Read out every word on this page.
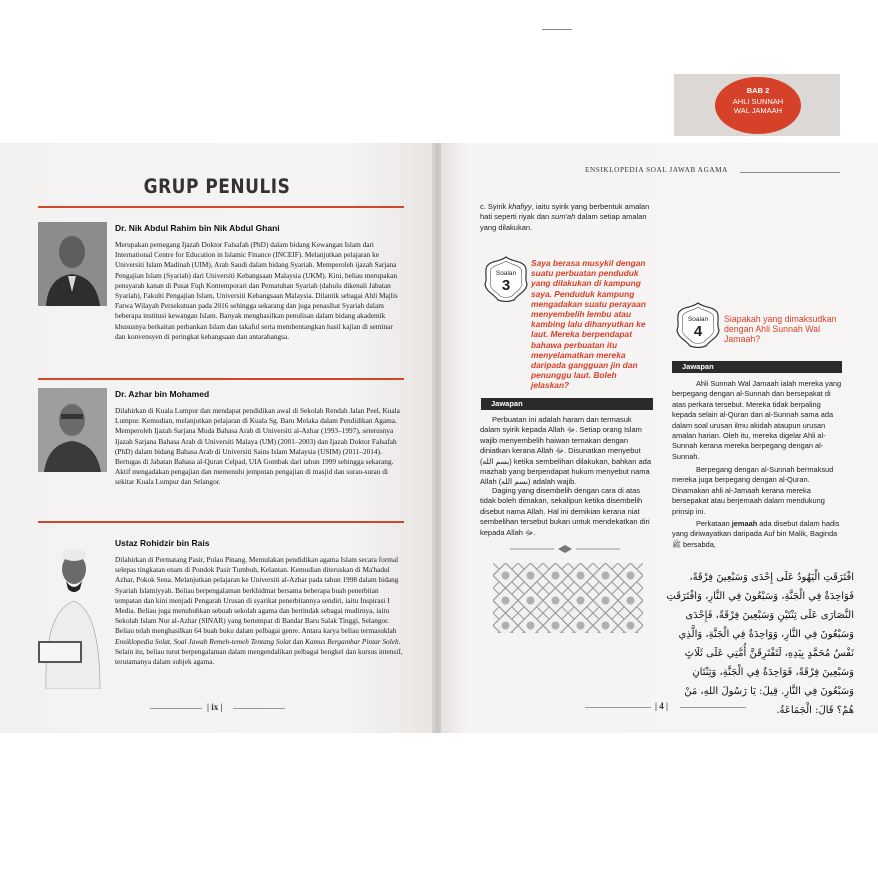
GRUP PENULIS
Dr. Nik Abdul Rahim bin Nik Abdul Ghani
Merupakan pemegang Ijazah Doktor Falsafah (PhD) dalam bidang Kewangan Islam dari International Centre for Education in Islamic Finance (INCEIF). Melanjutkan pelajaran ke Universiti Islam Madinah (UIM), Arab Saudi dalam bidang Syariah. Memperoleh ijazah Sarjana Pengajian Islam (Syariah) dari Universiti Kebangsaan Malaysia (UKM). Kini, beliau merupakan pensyarah kanan di Pusat Fiqh Kontemporari dan Pematuhan Syariah (dahulu dikenali Jabatan Syariah), Fakulti Pengajian Islam, Universiti Kebangsaan Malaysia. Dilantik sebagai Ahli Majlis Fatwa Wilayah Persekutuan pada 2016 sehingga sekarang dan juga penasihat Syariah dalam beberapa institusi kewangan Islam. Banyak menghasilkan penulisan dalam bidang akademik khususnya berkaitan perbankan Islam dan takaful serta membentangkan hasil kajian di seminar dan konvensyen di peringkat kebangsaan dan antarabangsa.
Dr. Azhar bin Mohamed
Dilahirkan di Kuala Lumpur dan mendapat pendidikan awal di Sekolah Rendah Jalan Peel, Kuala Lumpur. Kemudian, melanjutkan pelajaran di Kuala Sg. Baru Melaka dalam Pendidikan Agama. Memperoleh Ijazah Sarjana Muda Bahasa Arab di Universiti al-Azhar (1993–1997), seterusnya Ijazah Sarjana Bahasa Arab di Universiti Malaya (UM) (2001–2003) dan Ijazah Doktor Falsafah (PhD) dalam bidang Bahasa Arab di Universiti Sains Islam Malaysia (USIM) (2011–2014). Bertugas di Jabatan Bahasa al-Quran Celpad, UIA Gombak dari tahun 1999 sehingga sekarang. Aktif mengadakan pengajian dan memenuhi jemputan pengajian di masjid dan surau-surau di sekitar Kuala Lumpur dan Selangor.
Ustaz Rohidzir bin Rais
Dilahirkan di Permatang Pasir, Pulau Pinang. Memulakan pendidikan agama Islam secara formal selepas tingkatan enam di Pondok Pasir Tumbuh, Kelantan. Kemudian diteruskan di Ma'hadul Azhar, Pokok Sena. Melanjutkan pelajaran ke Universiti al-Azhar pada tahun 1998 dalam bidang Syariah Islamiyyah. Beliau berpengalaman berkhidmat bersama beberapa buah penerbitan tempatan dan kini menjadi Pengarah Urusan di syarikat penerbitannya sendiri, iaitu Inspirasi I Media. Beliau juga menubuhkan sebuah sekolah agama dan bertindak sebagai mudirnya, iaitu Sekolah Islam Nur al-Azhar (SINAR) yang bertempat di Bandar Baru Salak Tinggi, Selangor. Beliau telah menghasilkan 64 buah buku dalam pelbagai genre. Antara karya beliau termasuklah Ensiklopedia Solat, Soal Jawab Remeh-temeh Tentang Solat dan Kamus Bergambar Pintar Soleh. Selain itu, beliau turut berpengalaman dalam mengendalikan pelbagai bengkel dan kursus intensif, terutamanya dalam subjek agama.
| ix |
ENSIKLOPEDIA SOAL JAWAB AGAMA
c. Syirik khafiyy, iaitu syirik yang berbentuk amalan hati seperti riyak dan sum'ah dalam setiap amalan yang dilakukan.
Soalan
3
Saya berasa musykil dengan suatu perbuatan penduduk yang dilakukan di kampung saya. Penduduk kampung mengadakan suatu perayaan menyembelih lembu atau kambing lalu dihanyutkan ke laut. Mereka berpendapat bahawa perbuatan itu menyelamatkan mereka daripada gangguan jin dan penunggu laut. Boleh jelaskan?
Jawapan
Perbuatan ini adalah haram dan termasuk dalam syirik kepada Allah ﷻ. Setiap orang Islam wajib menyembelih haiwan ternakan dengan diniatkan kerana Allah ﷻ. Disunatkan menyebut (بسم الله) ketika sembelihan dilakukan, bahkan ada mazhab yang berpendapat hukum menyebut nama Allah (بسم الله) adalah wajib.
Daging yang disembelih dengan cara di atas tidak boleh dimakan, sekalipun ketika disembelih disebut nama Allah. Hal ini demikian kerana niat sembelihan tersebut bukan untuk mendekatkan diri kepada Allah ﷻ.
BAB 2
AHLI SUNNAH WAL JAMAAH
Soalan
4
Siapakah yang dimaksudkan dengan Ahli Sunnah Wal Jamaah?
Jawapan
Ahli Sunnah Wal Jamaah ialah mereka yang berpegang dengan al-Sunnah dan bersepakat di atas perkara tersebut. Mereka tidak berpaling kepada selain al-Quran dan al-Sunnah sama ada dalam soal urusan ilmu akidah ataupun urusan amalan harian. Oleh itu, mereka digelar Ahli al-Sunnah kerana mereka berpegang dengan al-Sunnah.
Berpegang dengan al-Sunnah bermaksud mereka juga berpegang dengan al-Quran. Dinamakan ahli al-Jamaah kerana mereka bersepakat atau berjemaah dalam mendukung prinsip ini.
Perkataan jemaah ada disebut dalam hadis yang diriwayatkan daripada Auf bin Malik, Baginda ﷺ bersabda,
افْتَرَقَتِ الْيَهُودُ عَلَى إِحْدَى وَسَبْعِينَ فِرْقَةً، فَوَاحِدَةٌ فِي الْجَنَّةِ، وَسَبْعُونَ فِي النَّارِ، وَافْتَرَقَتِ النَّصَارَى عَلَى ثِنْتَيْنِ وَسَبْعِينَ فِرْقَةً، فَإِحْدَى وَسَبْعُونَ فِي النَّارِ، وَوَاحِدَةٌ فِي الْجَنَّةِ، وَالَّذِي نَفْسُ مُحَمَّدٍ بِيَدِهِ، لَتَفْتَرِقَنَّ أُمَّتِي عَلَى ثَلَاثٍ وَسَبْعِينَ فِرْقَةً، فَوَاحِدَةٌ فِي الْجَنَّةِ، وَثِنْتَانِ وَسَبْعُونَ فِي النَّارِ. قِيلَ: يَا رَسُولَ اللهِ، مَنْ هُمْ؟ قَالَ: الْجَمَاعَةُ.
| 4 |
